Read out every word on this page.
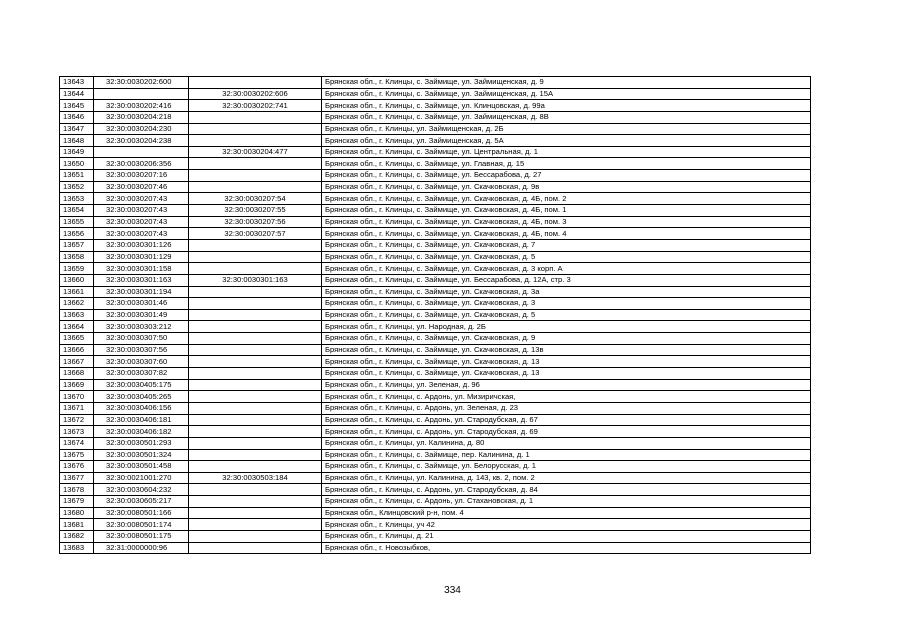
13643	32:30:0030202:600		Брянская обл., г. Клинцы, с. Займище, ул. Займищенская, д. 9
13644		32:30:0030202:606	Брянская обл., г. Клинцы, с. Займище, ул. Займищенская, д. 15А
13645	32:30:0030202:416	32:30:0030202:741	Брянская обл., г. Клинцы, с. Займище, ул. Клинцовская, д. 99а
13646	32:30:0030204:218		Брянская обл., г. Клинцы, с. Займище, ул. Займищенская, д. 8В
13647	32:30:0030204:230		Брянская обл., г. Клинцы, ул. Займищенская, д. 2Б
13648	32:30:0030204:238		Брянская обл., г. Клинцы, ул. Займищенская, д. 5А
13649		32:30:0030204:477	Брянская обл., г. Клинцы, с. Займище, ул. Центральная, д. 1
13650	32:30:0030206:356		Брянская обл., г. Клинцы, с. Займище, ул. Главная, д. 15
13651	32:30:0030207:16		Брянская обл., г. Клинцы, с. Займище, ул. Бессарабова, д. 27
13652	32:30:0030207:46		Брянская обл., г. Клинцы, с. Займище, ул. Скачковская, д. 9в
13653	32:30:0030207:43	32:30:0030207:54	Брянская обл., г. Клинцы, с. Займище, ул. Скачковская, д. 4Б, пом. 2
13654	32:30:0030207:43	32:30:0030207:55	Брянская обл., г. Клинцы, с. Займище, ул. Скачковская, д. 4Б, пом. 1
13655	32:30:0030207:43	32:30:0030207:56	Брянская обл., г. Клинцы, с. Займище, ул. Скачковская, д. 4Б, пом. 3
13656	32:30:0030207:43	32:30:0030207:57	Брянская обл., г. Клинцы, с. Займище, ул. Скачковская, д. 4Б, пом. 4
13657	32:30:0030301:126		Брянская обл., г. Клинцы, с. Займище, ул. Скачковская, д. 7
13658	32:30:0030301:129		Брянская обл., г. Клинцы, с. Займище, ул. Скачковская, д. 5
13659	32:30:0030301:158		Брянская обл., г. Клинцы, с. Займище, ул. Скачковская, д. 3 корп. А
13660	32:30:0030301:163	32:30:0030301:163	Брянская обл., г. Клинцы, с. Займище, ул. Бессарабова, д. 12А, стр. 3
13661	32:30:0030301:194		Брянская обл., г. Клинцы, с. Займище, ул. Скачковская, д. 3а
13662	32:30:0030301:46		Брянская обл., г. Клинцы, с. Займище, ул. Скачковская, д. 3
13663	32:30:0030301:49		Брянская обл., г. Клинцы, с. Займище, ул. Скачковская, д. 5
13664	32:30:0030303:212		Брянская обл., г. Клинцы, ул. Народная, д. 2Б
13665	32:30:0030307:50		Брянская обл., г. Клинцы, с. Займище, ул. Скачковская, д. 9
13666	32:30:0030307:56		Брянская обл., г. Клинцы, с. Займище, ул. Скачковская, д. 13в
13667	32:30:0030307:60		Брянская обл., г. Клинцы, с. Займище, ул. Скачковская, д. 13
13668	32:30:0030307:82		Брянская обл., г. Клинцы, с. Займище, ул. Скачковская, д. 13
13669	32:30:0030405:175		Брянская обл., г. Клинцы, ул. Зеленая, д. 96
13670	32:30:0030405:265		Брянская обл., г. Клинцы, с. Ардонь, ул. Мизиричская,
13671	32:30:0030406:156		Брянская обл., г. Клинцы, с. Ардонь, ул. Зеленая, д. 23
13672	32:30:0030406:181		Брянская обл., г. Клинцы, с. Ардонь, ул. Стародубская, д. 67
13673	32:30:0030406:182		Брянская обл., г. Клинцы, с. Ардонь, ул. Стародубская, д. 69
13674	32:30:0030501:293		Брянская обл., г. Клинцы, ул. Калинина, д. 80
13675	32:30:0030501:324		Брянская обл., г. Клинцы, с. Займище, пер. Калинина, д. 1
13676	32:30:0030501:458		Брянская обл., г. Клинцы, с. Займище, ул. Белорусская, д. 1
13677	32:30:0021001:270	32:30:0030503:184	Брянская обл., г. Клинцы, ул. Калинина, д. 143, кв. 2, пом. 2
13678	32:30:0030604:232		Брянская обл., г. Клинцы, с. Ардонь, ул. Стародубская, д. 84
13679	32:30:0030605:217		Брянская обл., г. Клинцы, с. Ардонь, ул. Стахановская, д. 1
13680	32:30:0080501:166		Брянская обл., Клинцовский р-н, пом. 4
13681	32:30:0080501:174		Брянская обл., г. Клинцы, уч 42
13682	32:30:0080501:175		Брянская обл., г. Клинцы, д. 21
13683	32:31:0000000:96		Брянская обл., г. Новозыбков,
334
